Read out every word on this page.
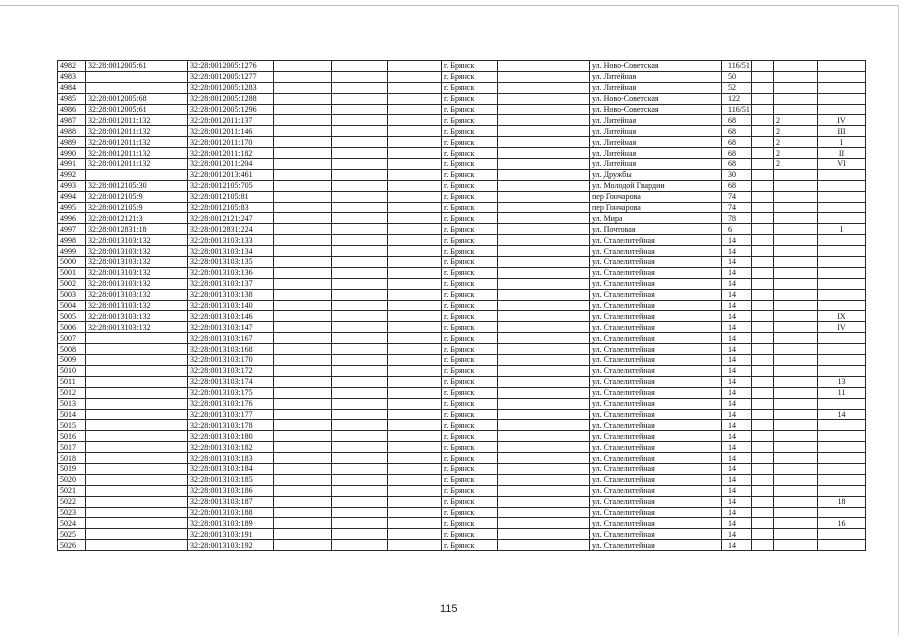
4982	32:28:0012005:61	32:28:0012005:1276				г. Брянск		ул. Ново-Советская	116/51			
4983		32:28:0012005:1277				г. Брянск		ул. Литейная	50			
4984		32:28:0012005:1283				г. Брянск		ул. Литейная	52			
4985	32:28:0012005:68	32:28:0012005:1288				г. Брянск		ул. Ново-Советская	122			
4986	32:28:0012005:61	32:28:0012005:1296				г. Брянск		ул. Ново-Советская	116/51			
4987	32:28:0012011:132	32:28:0012011:137				г. Брянск		ул. Литейная	68		2	IV
4988	32:28:0012011:132	32:28:0012011:146				г. Брянск		ул. Литейная	68		2	III
4989	32:28:0012011:132	32:28:0012011:170				г. Брянск		ул. Литейная	68		2	I
4990	32:28:0012011:132	32:28:0012011:182				г. Брянск		ул. Литейная	68		2	II
4991	32:28:0012011:132	32:28:0012011:204				г. Брянск		ул. Литейная	68		2	VI
4992		32:28:0012013:461				г. Брянск		ул. Дружбы	30			
4993	32:28:0012105:30	32:28:0012105:705				г. Брянск		ул. Молодой Гвардии	68			
4994	32:28:0012105:9	32:28:0012105:81				г. Брянск		пер Гончарова	74			
4995	32:28:0012105:9	32:28:0012105:83				г. Брянск		пер Гончарова	74			
4996	32:28:0012121:3	32:28:0012121:247				г. Брянск		ул. Мира	78			
4997	32:28:0012831:18	32:28:0012831:224				г. Брянск		ул. Почтовая	6			I
4998	32:28:0013103:132	32:28:0013103:133				г. Брянск		ул. Сталелитейная	14			
4999	32:28:0013103:132	32:28:0013103:134				г. Брянск		ул. Сталелитейная	14			
5000	32:28:0013103:132	32:28:0013103:135				г. Брянск		ул. Сталелитейная	14			
5001	32:28:0013103:132	32:28:0013103:136				г. Брянск		ул. Сталелитейная	14			
5002	32:28:0013103:132	32:28:0013103:137				г. Брянск		ул. Сталелитейная	14			
5003	32:28:0013103:132	32:28:0013103:138				г. Брянск		ул. Сталелитейная	14			
5004	32:28:0013103:132	32:28:0013103:140				г. Брянск		ул. Сталелитейная	14			
5005	32:28:0013103:132	32:28:0013103:146				г. Брянск		ул. Сталелитейная	14			IX
5006	32:28:0013103:132	32:28:0013103:147				г. Брянск		ул. Сталелитейная	14			IV
5007		32:28:0013103:167				г. Брянск		ул. Сталелитейная	14			
5008		32:28:0013103:168				г. Брянск		ул. Сталелитейная	14			
5009		32:28:0013103:170				г. Брянск		ул. Сталелитейная	14			
5010		32:28:0013103:172				г. Брянск		ул. Сталелитейная	14			
5011		32:28:0013103:174				г. Брянск		ул. Сталелитейная	14			13
5012		32:28:0013103:175				г. Брянск		ул. Сталелитейная	14			11
5013		32:28:0013103:176				г. Брянск		ул. Сталелитейная	14			
5014		32:28:0013103:177				г. Брянск		ул. Сталелитейная	14			14
5015		32:28:0013103:178				г. Брянск		ул. Сталелитейная	14			
5016		32:28:0013103:180				г. Брянск		ул. Сталелитейная	14			
5017		32:28:0013103:182				г. Брянск		ул. Сталелитейная	14			
5018		32:28:0013103:183				г. Брянск		ул. Сталелитейная	14			
5019		32:28:0013103:184				г. Брянск		ул. Сталелитейная	14			
5020		32:28:0013103:185				г. Брянск		ул. Сталелитейная	14			
5021		32:28:0013103:186				г. Брянск		ул. Сталелитейная	14			
5022		32:28:0013103:187				г. Брянск		ул. Сталелитейная	14			18
5023		32:28:0013103:188				г. Брянск		ул. Сталелитейная	14			
5024		32:28:0013103:189				г. Брянск		ул. Сталелитейная	14			16
5025		32:28:0013103:191				г. Брянск		ул. Сталелитейная	14			
5026		32:28:0013103:192				г. Брянск		ул. Сталелитейная	14			
115
